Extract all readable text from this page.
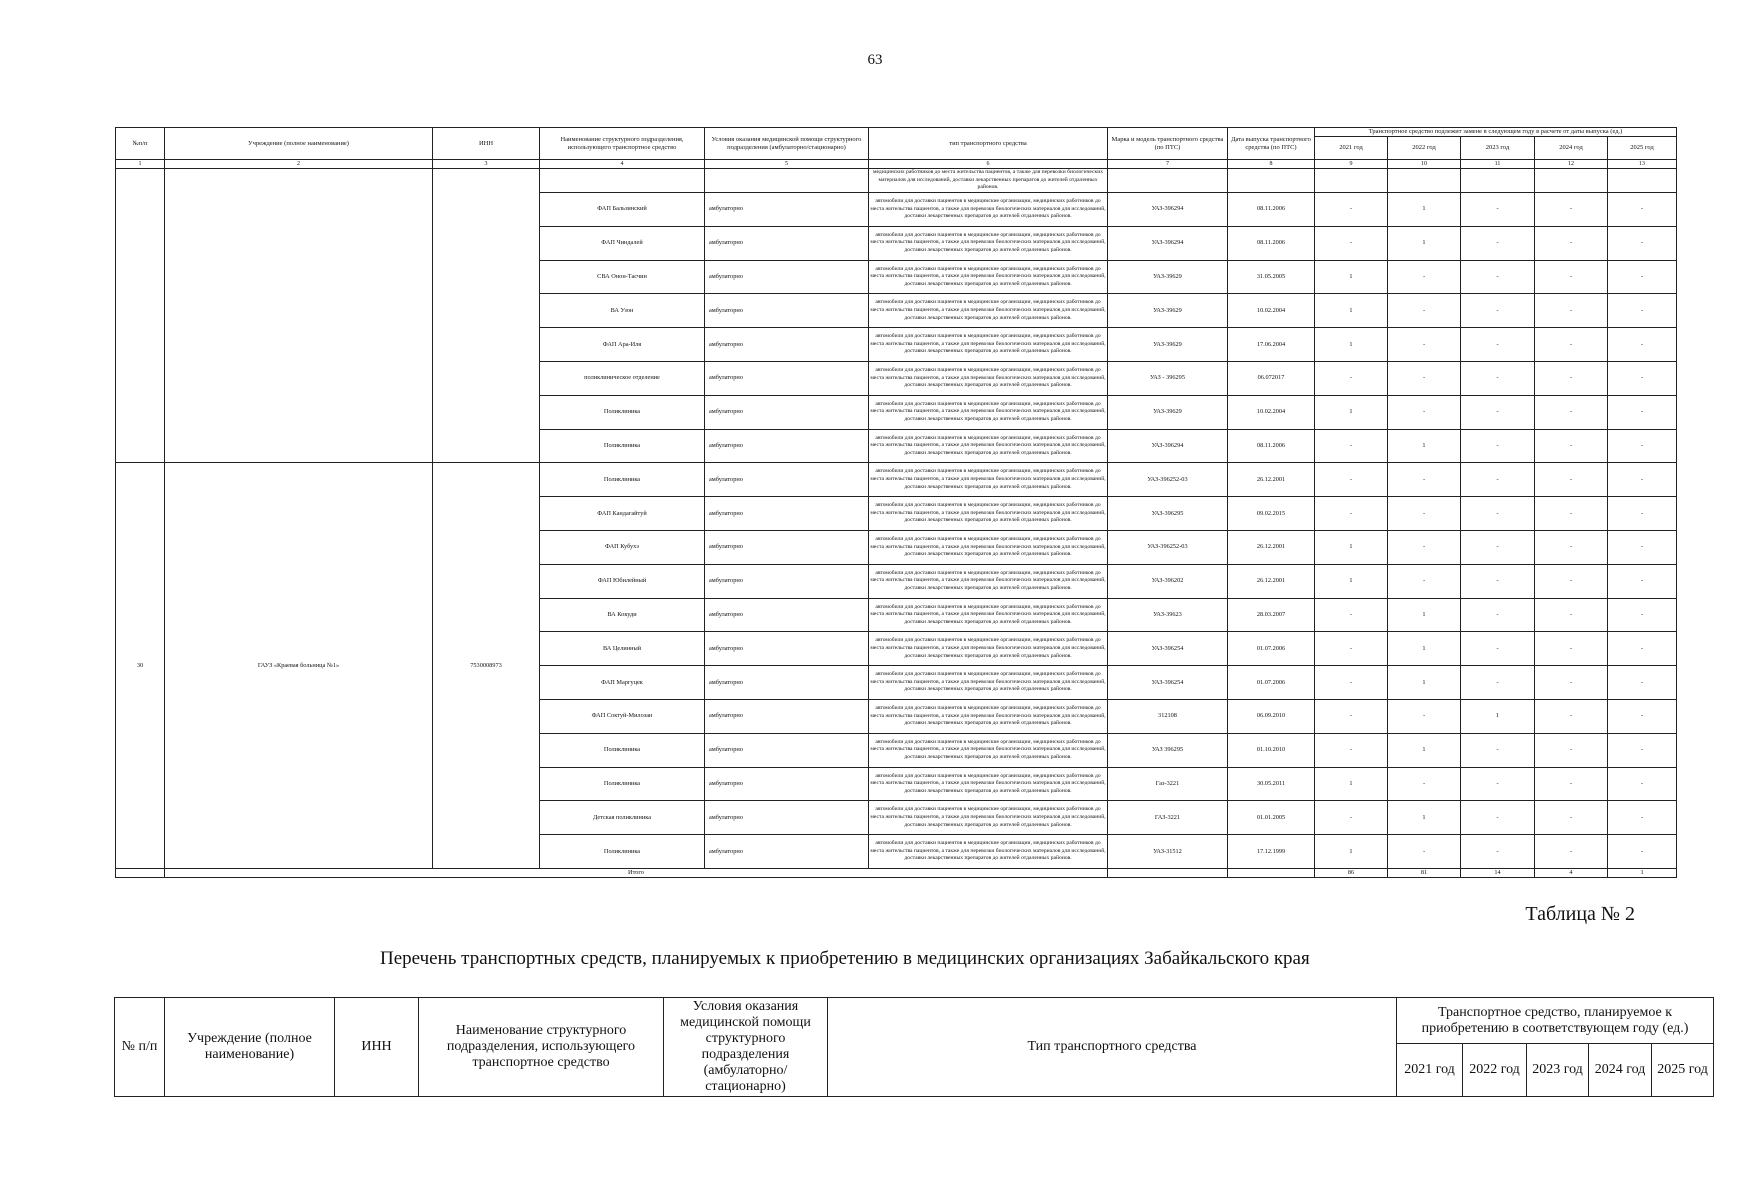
63
№п/п	Учреждение (полное наименование)	ИНН	Наименование структурного подразделения, использующего транспортное средство	Условия оказания медицинской помощи структурного подразделения (амбулаторно/стационарно)	тип транспортного средства	Марка и модель транспортного средства (по ПТС)	Дата выпуска транспортного средства (по ПТС)	Транспортное средство подлежит замене в следующем году в расчете от даты выпуска (ед.)				
								2021 год	2022 год	2023 год	2024 год	2025 год
1	2	3	4	5	6	7	8	9	10	11	12	13
					медицинских работников до места жительства пациентов, а также для перевозки биологических материалов для исследований, доставки лекарственных препаратов до жителей отдаленных районов.							
			ФАП Бальзинский	амбулаторно	автомобили для доставки пациентов в медицинские организации, медицинских работников до места жительства пациентов, а также для перевозки биологических материалов для исследований, доставки лекарственных препаратов до жителей отдаленных районов.	УАЗ-396294	08.11.2006	-	1	-	-	-
			ФАП Чиндалей	амбулаторно	автомобили для доставки пациентов в медицинские организации, медицинских работников до места жительства пациентов, а также для перевозки биологических материалов для исследований, доставки лекарственных препаратов до жителей отдаленных районов.	УАЗ-396294	08.11.2006	-	1	-	-	-
			СВА Онон-Тасчин	амбулаторно	автомобили для доставки пациентов в медицинские организации, медицинских работников до места жительства пациентов, а также для перевозки биологических материалов для исследований, доставки лекарственных препаратов до жителей отдаленных районов.	УАЗ-39629	31.05.2005	1	-	-	-	-
			ВА Узон	амбулаторно	автомобили для доставки пациентов в медицинские организации, медицинских работников до места жительства пациентов, а также для перевозки биологических материалов для исследований, доставки лекарственных препаратов до жителей отдаленных районов.	УАЗ-39629	10.02.2004	1	-	-	-	-
			ФАП Ара-Иля	амбулаторно	автомобили для доставки пациентов в медицинские организации, медицинских работников до места жительства пациентов, а также для перевозки биологических материалов для исследований, доставки лекарственных препаратов до жителей отдаленных районов.	УАЗ-39629	17.06.2004	1	-	-	-	-
			поликлиническое отделение	амбулаторно	автомобили для доставки пациентов в медицинские организации, медицинских работников до места жительства пациентов, а также для перевозки биологических материалов для исследований, доставки лекарственных препаратов до жителей отдаленных районов.	УАЗ - 396295	06.072017	-	-	-	-	-
			Поликлиника	амбулаторно	автомобили для доставки пациентов в медицинские организации, медицинских работников до места жительства пациентов, а также для перевозки биологических материалов для исследований, доставки лекарственных препаратов до жителей отдаленных районов.	УАЗ-39629	10.02.2004	1	-	-	-	-
			Поликлиника	амбулаторно	автомобили для доставки пациентов в медицинские организации, медицинских работников до места жительства пациентов, а также для перевозки биологических материалов для исследований, доставки лекарственных препаратов до жителей отдаленных районов.	УАЗ-396294	08.11.2006	-	1	-	-	-
30	ГАУЗ «Краевая больница №1»	7530008973	Поликлиника	амбулаторно	автомобили для доставки пациентов в медицинские организации, медицинских работников до места жительства пациентов, а также для перевозки биологических материалов для исследований, доставки лекарственных препаратов до жителей отдаленных районов.	УАЗ-396252-03	26.12.2001	-	-	-	-	-
			ФАП Кандагайтуй	амбулаторно	автомобили для доставки пациентов в медицинские организации, медицинских работников до места жительства пациентов, а также для перевозки биологических материалов для исследований, доставки лекарственных препаратов до жителей отдаленных районов.	УАЗ-396295	09.02.2015	-	-	-	-	-
			ФАП Кубухэ	амбулаторно	автомобили для доставки пациентов в медицинские организации, медицинских работников до места жительства пациентов, а также для перевозки биологических материалов для исследований, доставки лекарственных препаратов до жителей отдаленных районов.	УАЗ-396252-03	26.12.2001	1	-	-	-	-
			ФАП Юбилейный	амбулаторно	автомобили для доставки пациентов в медицинские организации, медицинских работников до места жительства пациентов, а также для перевозки биологических материалов для исследований, доставки лекарственных препаратов до жителей отдаленных районов.	УАЗ-396202	26.12.2001	1	-	-	-	-
			ВА Кокуди	амбулаторно	автомобили для доставки пациентов в медицинские организации, медицинских работников до места жительства пациентов, а также для перевозки биологических материалов для исследований, доставки лекарственных препаратов до жителей отдаленных районов.	УАЗ-39623	28.03.2007	-	1	-	-	-
			ВА Целинный	амбулаторно	автомобили для доставки пациентов в медицинские организации, медицинских работников до места жительства пациентов, а также для перевозки биологических материалов для исследований, доставки лекарственных препаратов до жителей отдаленных районов.	УАЗ-396254	01.07.2006	-	1	-	-	-
			ФАП Маргуцек	амбулаторно	автомобили для доставки пациентов в медицинские организации, медицинских работников до места жительства пациентов, а также для перевозки биологических материалов для исследований, доставки лекарственных препаратов до жителей отдаленных районов.	УАЗ-396254	01.07.2006	-	1	-	-	-
			ФАП Соктуй-Милозан	амбулаторно	автомобили для доставки пациентов в медицинские организации, медицинских работников до места жительства пациентов, а также для перевозки биологических материалов для исследований, доставки лекарственных препаратов до жителей отдаленных районов.	312108	06.09.2010	-	-	1	-	-
			Поликлиника	амбулаторно	автомобили для доставки пациентов в медицинские организации, медицинских работников до места жительства пациентов, а также для перевозки биологических материалов для исследований, доставки лекарственных препаратов до жителей отдаленных районов.	УАЗ 396295	01.10.2010	-	1	-	-	-
			Поликлиника	амбулаторно	автомобили для доставки пациентов в медицинские организации, медицинских работников до места жительства пациентов, а также для перевозки биологических материалов для исследований, доставки лекарственных препаратов до жителей отдаленных районов.	Газ-3221	30.05.2011	1	-	-	-	-
			Детская поликлиника	амбулаторно	автомобили для доставки пациентов в медицинские организации, медицинских работников до места жительства пациентов, а также для перевозки биологических материалов для исследований, доставки лекарственных препаратов до жителей отдаленных районов.	ГАЗ-3221	01.01.2005	-	1	-	-	-
			Поликлиника	амбулаторно	автомобили для доставки пациентов в медицинские организации, медицинских работников до места жительства пациентов, а также для перевозки биологических материалов для исследований, доставки лекарственных препаратов до жителей отдаленных районов.	УАЗ-31512	17.12.1999	1	-	-	-	-
	Итого							86	81	14	4	1
Таблица № 2
Перечень транспортных средств, планируемых к приобретению в медицинских организациях Забайкальского края
№ п/п	Учреждение (полное наименование)	ИНН	Наименование структурного подразделения, использующего транспортное средство	Условия оказания медицинской помощи структурного подразделения (амбулаторно/стационарно)	Тип транспортного средства	Транспортное средство, планируемое к приобретению в соответствующем году (ед.)				
						2021 год	2022 год	2023 год	2024 год	2025 год
